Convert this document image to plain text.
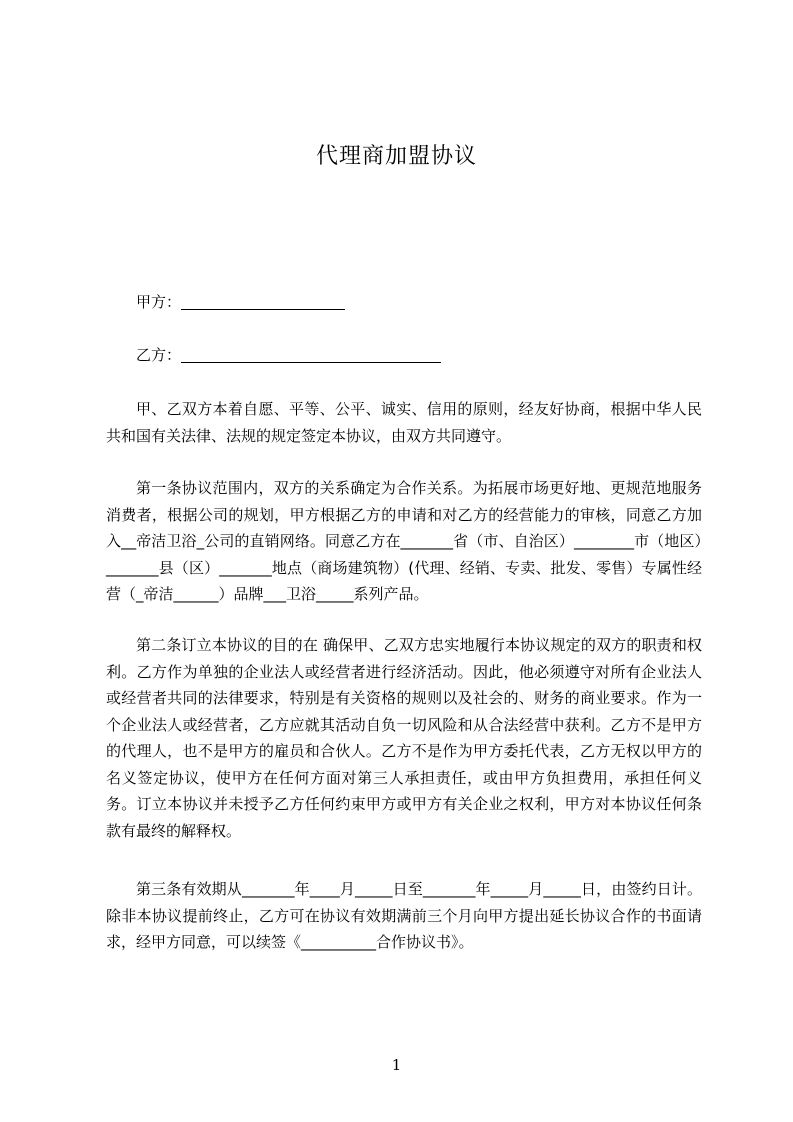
代理商加盟协议
甲方：
乙方：
甲、乙双方本着自愿、平等、公平、诚实、信用的原则，经友好协商，根据中华人民共和国有关法律、法规的规定签定本协议，由双方共同遵守。
第一条协议范围内，双方的关系确定为合作关系。为拓展市场更好地、更规范地服务消费者，根据公司的规划，甲方根据乙方的申请和对乙方的经营能力的审核，同意乙方加入__帝洁卫浴_公司的直销网络。同意乙方在_______省（市、自治区）________市（地区）_______县（区）_______地点（商场建筑物）(代理、经销、专卖、批发、零售）专属性经营（_帝洁______）品牌___卫浴_____系列产品。
第二条订立本协议的目的在 确保甲、乙双方忠实地履行本协议规定的双方的职责和权利。乙方作为单独的企业法人或经营者进行经济活动。因此，他必须遵守对所有企业法人或经营者共同的法律要求，特别是有关资格的规则以及社会的、财务的商业要求。作为一个企业法人或经营者，乙方应就其活动自负一切风险和从合法经营中获利。乙方不是甲方的代理人，也不是甲方的雇员和合伙人。乙方不是作为甲方委托代表，乙方无权以甲方的名义签定协议，使甲方在任何方面对第三人承担责任，或由甲方负担费用，承担任何义务。订立本协议并未授予乙方任何约束甲方或甲方有关企业之权利，甲方对本协议任何条款有最终的解释权。
第三条有效期从_______年____月_____日至_______年_____月_____日，由签约日计。除非本协议提前终止，乙方可在协议有效期满前三个月向甲方提出延长协议合作的书面请求，经甲方同意，可以续签《__________合作协议书》。
1
